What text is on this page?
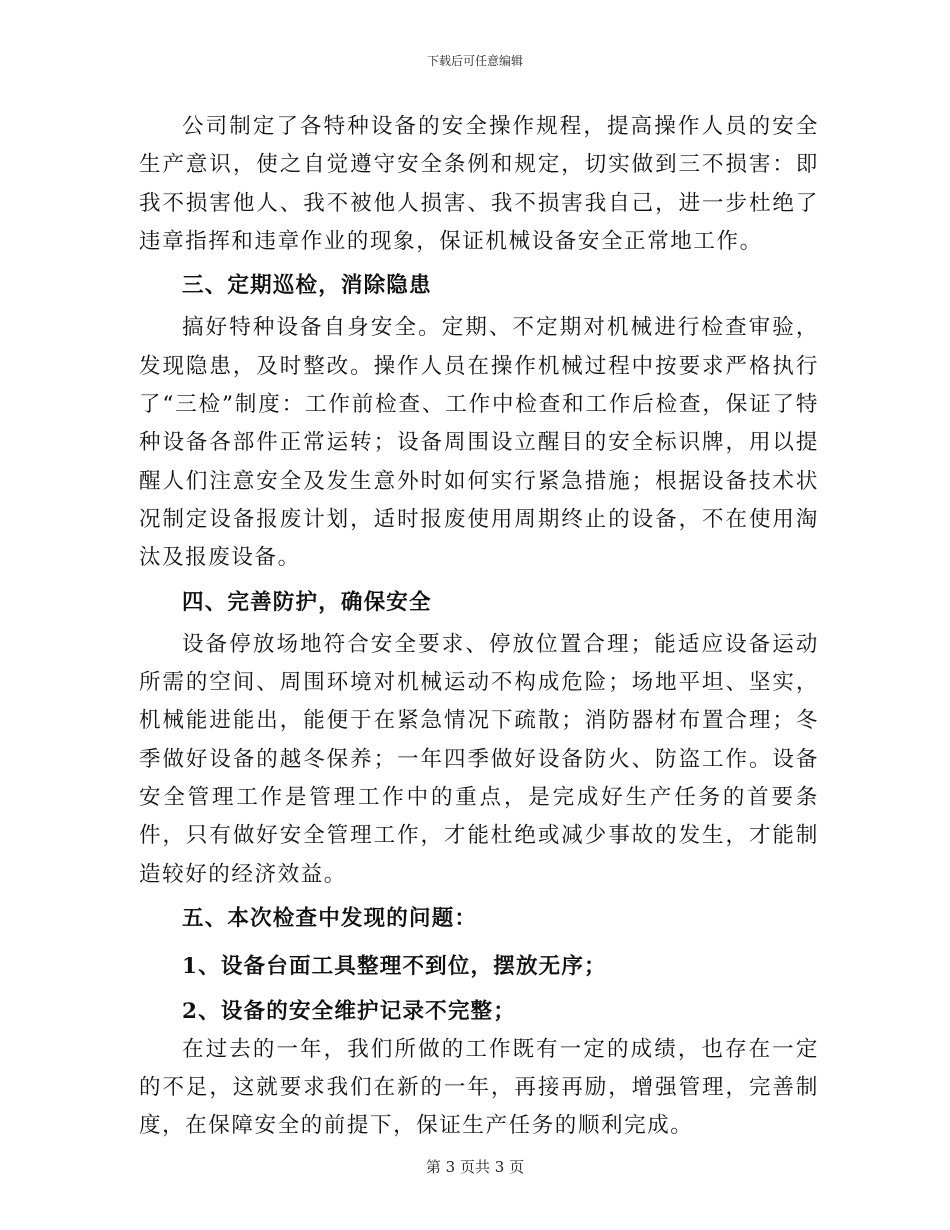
下载后可任意编辑

公司制定了各特种设备的安全操作规程，提高操作人员的安全生产意识，使之自觉遵守安全条例和规定，切实做到三不损害：即我不损害他人、我不被他人损害、我不损害我自己，进一步杜绝了违章指挥和违章作业的现象，保证机械设备安全正常地工作。

三、定期巡检，消除隐患

搞好特种设备自身安全。定期、不定期对机械进行检查审验，发现隐患，及时整改。操作人员在操作机械过程中按要求严格执行了“三检”制度：工作前检查、工作中检查和工作后检查，保证了特种设备各部件正常运转；设备周围设立醒目的安全标识牌，用以提醒人们注意安全及发生意外时如何实行紧急措施；根据设备技术状况制定设备报废计划，适时报废使用周期终止的设备，不在使用淘汰及报废设备。

四、完善防护，确保安全

设备停放场地符合安全要求、停放位置合理；能适应设备运动所需的空间、周围环境对机械运动不构成危险；场地平坦、坚实，机械能进能出，能便于在紧急情况下疏散；消防器材布置合理；冬季做好设备的越冬保养；一年四季做好设备防火、防盗工作。设备安全管理工作是管理工作中的重点，是完成好生产任务的首要条件，只有做好安全管理工作，才能杜绝或减少事故的发生，才能制造较好的经济效益。

五、本次检查中发现的问题：

1、设备台面工具整理不到位，摆放无序；

2、设备的安全维护记录不完整；

在过去的一年，我们所做的工作既有一定的成绩，也存在一定的不足，这就要求我们在新的一年，再接再励，增强管理，完善制度，在保障安全的前提下，保证生产任务的顺利完成。

第 3 页共 3 页
